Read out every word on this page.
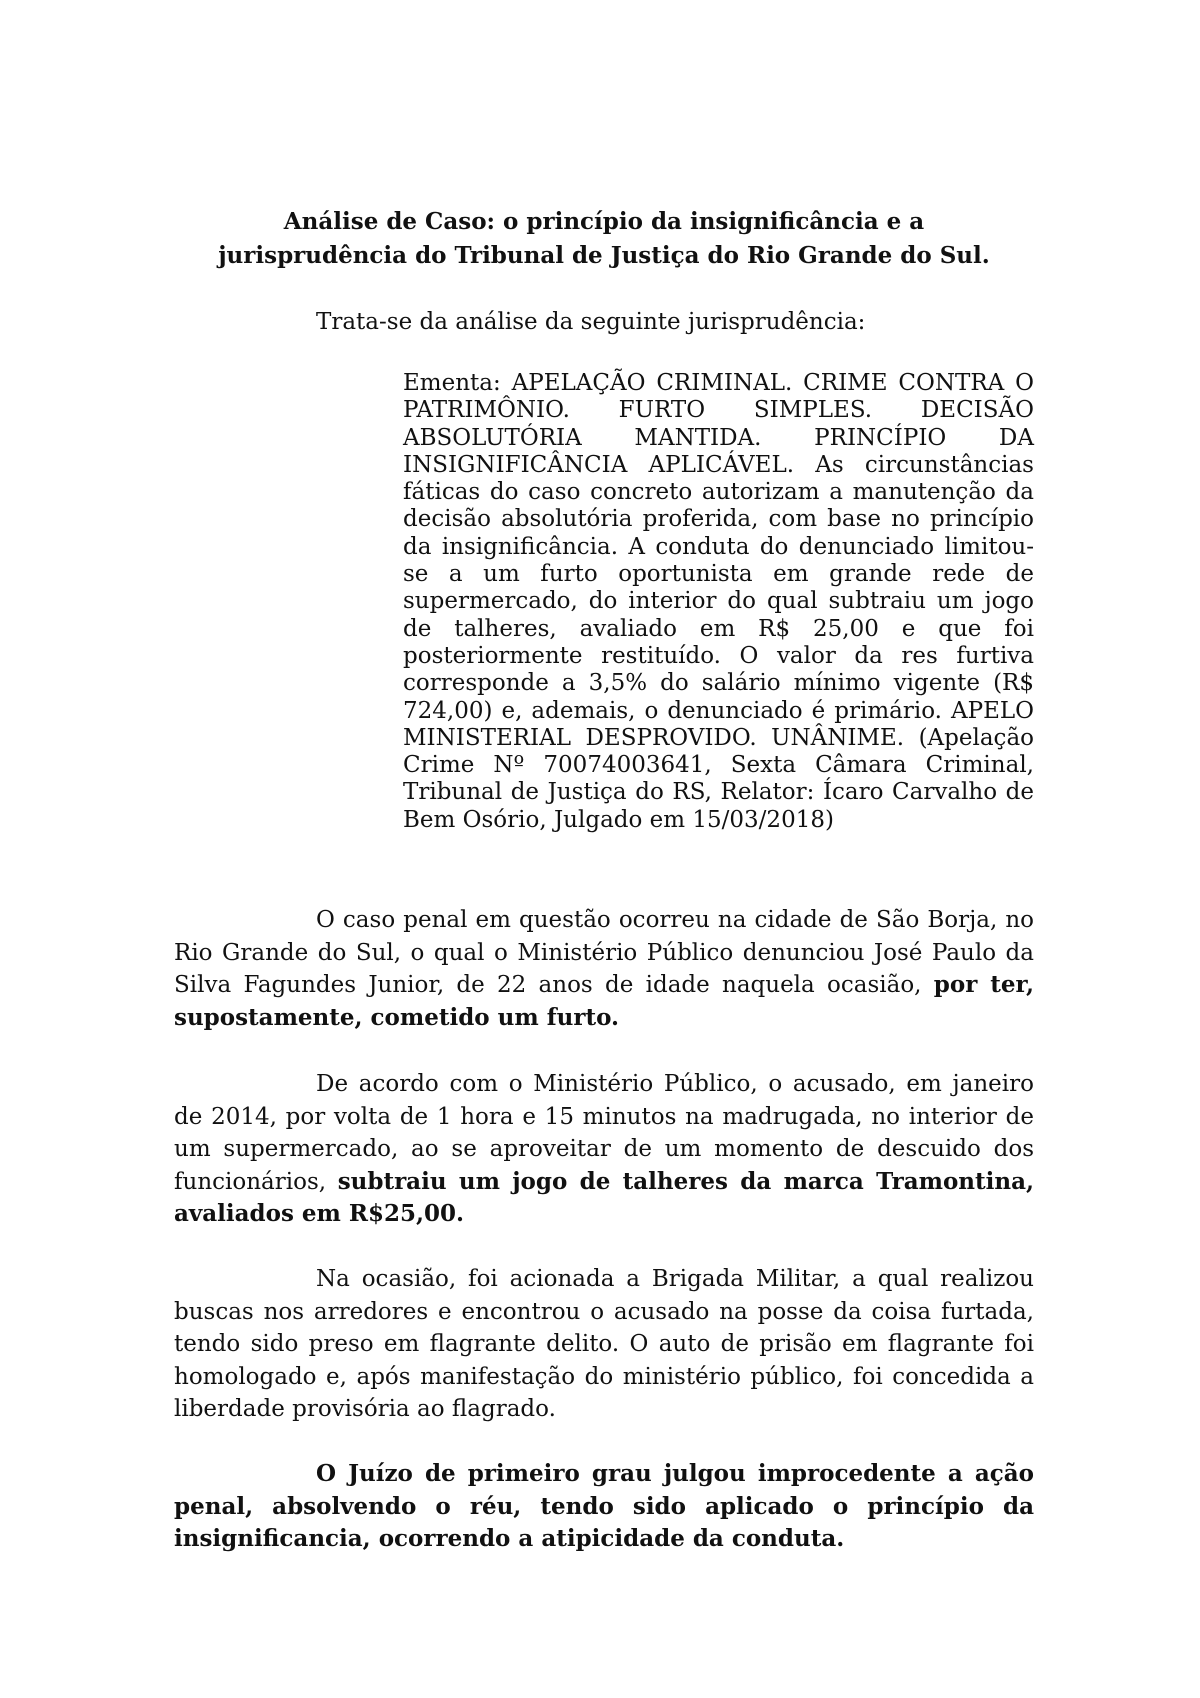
Análise de Caso: o princípio da insignificância e a
jurisprudência do Tribunal de Justiça do Rio Grande do Sul.

Trata-se da análise da seguinte jurisprudência:

Ementa: APELAÇÃO CRIMINAL. CRIME CONTRA O PATRIMÔNIO. FURTO SIMPLES. DECISÃO ABSOLUTÓRIA MANTIDA. PRINCÍPIO DA INSIGNIFICÂNCIA APLICÁVEL. As circunstâncias fáticas do caso concreto autorizam a manutenção da decisão absolutória proferida, com base no princípio da insignificância. A conduta do denunciado limitou-se a um furto oportunista em grande rede de supermercado, do interior do qual subtraiu um jogo de talheres, avaliado em R$ 25,00 e que foi posteriormente restituído. O valor da res furtiva corresponde a 3,5% do salário mínimo vigente (R$ 724,00) e, ademais, o denunciado é primário. APELO MINISTERIAL DESPROVIDO. UNÂNIME. (Apelação Crime Nº 70074003641, Sexta Câmara Criminal, Tribunal de Justiça do RS, Relator: Ícaro Carvalho de Bem Osório, Julgado em 15/03/2018)

O caso penal em questão ocorreu na cidade de São Borja, no Rio Grande do Sul, o qual o Ministério Público denunciou José Paulo da Silva Fagundes Junior, de 22 anos de idade naquela ocasião, por ter, supostamente, cometido um furto.

De acordo com o Ministério Público, o acusado, em janeiro de 2014, por volta de 1 hora e 15 minutos na madrugada, no interior de um supermercado, ao se aproveitar de um momento de descuido dos funcionários, subtraiu um jogo de talheres da marca Tramontina, avaliados em R$25,00.

Na ocasião, foi acionada a Brigada Militar, a qual realizou buscas nos arredores e encontrou o acusado na posse da coisa furtada, tendo sido preso em flagrante delito. O auto de prisão em flagrante foi homologado e, após manifestação do ministério público, foi concedida a liberdade provisória ao flagrado.

O Juízo de primeiro grau julgou improcedente a ação penal, absolvendo o réu, tendo sido aplicado o princípio da insignificancia, ocorrendo a atipicidade da conduta.
